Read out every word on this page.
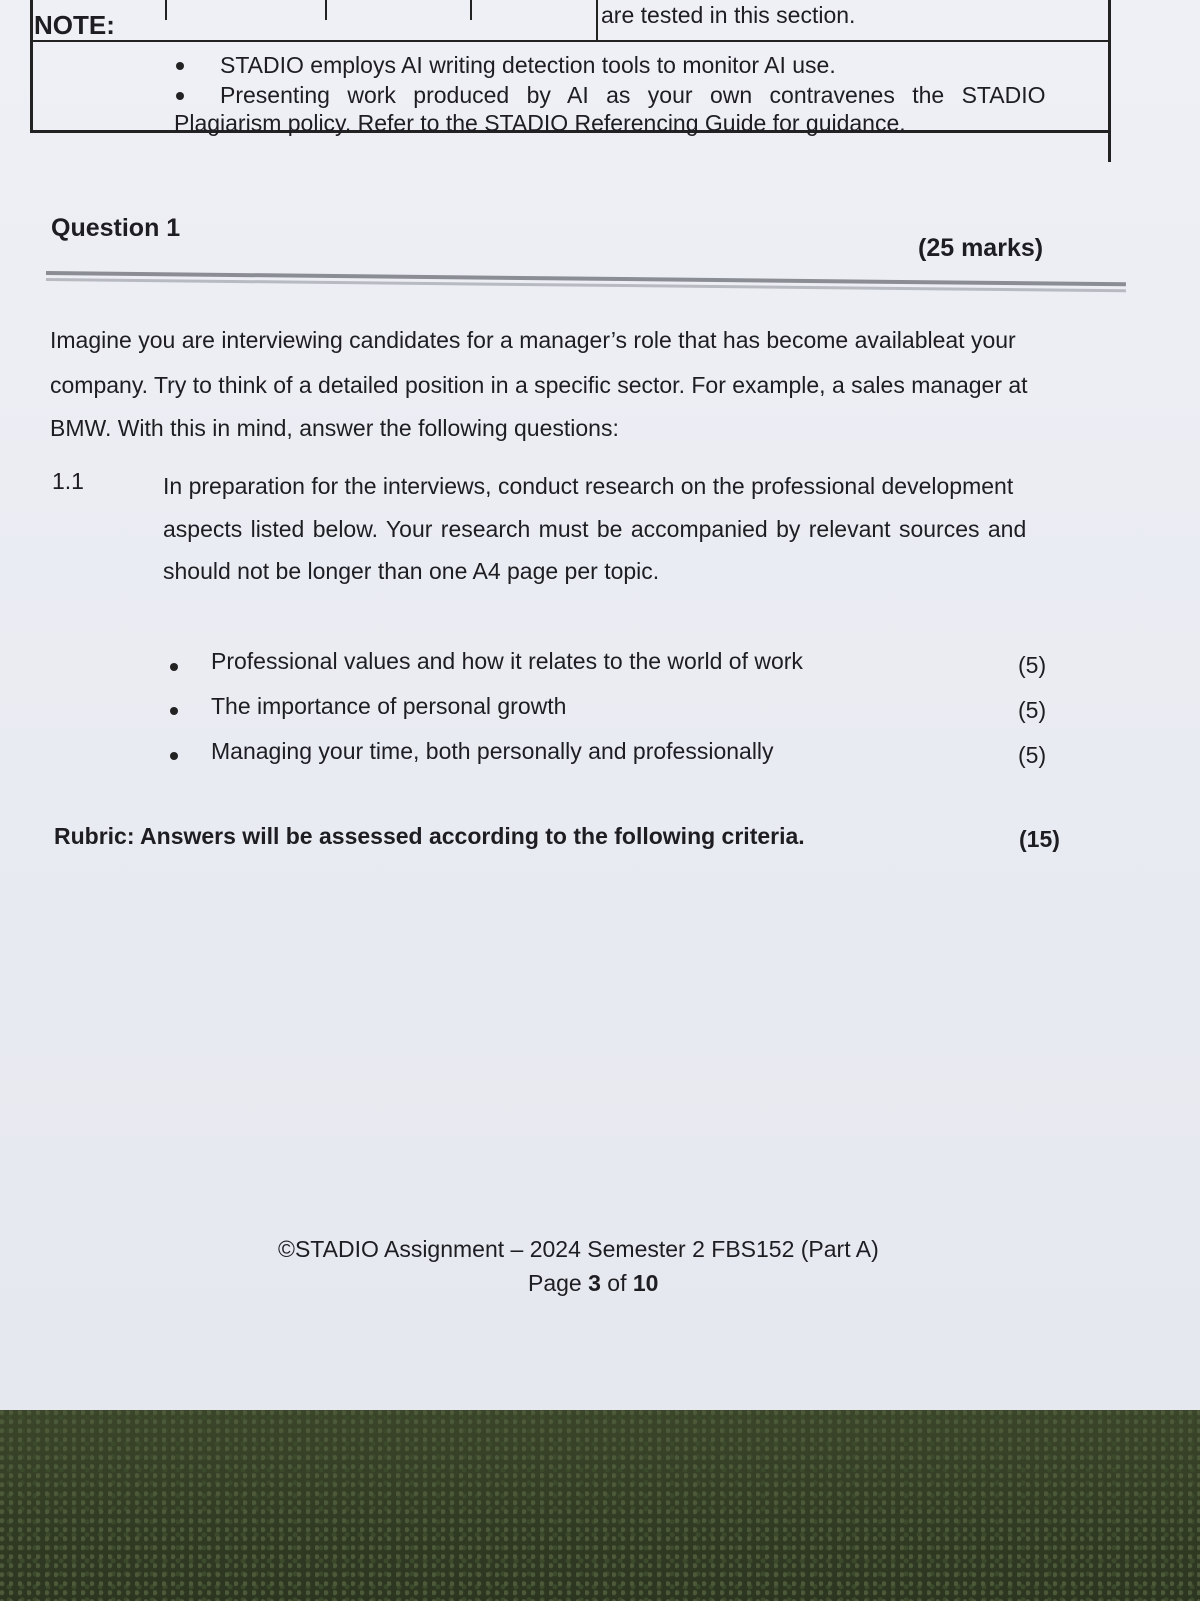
NOTE:	are tested in this section.
STADIO employs AI writing detection tools to monitor AI use.
Presenting work produced by AI as your own contravenes the STADIO
Plagiarism policy. Refer to the STADIO Referencing Guide for guidance.
Question 1
(25 marks)
Imagine you are interviewing candidates for a manager’s role that has become availableat your
company. Try to think of a detailed position in a specific sector. For example, a sales manager at
BMW. With this in mind, answer the following questions:
1.1	In preparation for the interviews, conduct research on the professional development
aspects listed below. Your research must be accompanied by relevant sources and
should not be longer than one A4 page per topic.
Professional values and how it relates to the world of work	(5)
The importance of personal growth	(5)
Managing your time, both personally and professionally	(5)
Rubric: Answers will be assessed according to the following criteria.	(15)
©STADIO Assignment – 2024 Semester 2 FBS152 (Part A)
Page 3 of 10
